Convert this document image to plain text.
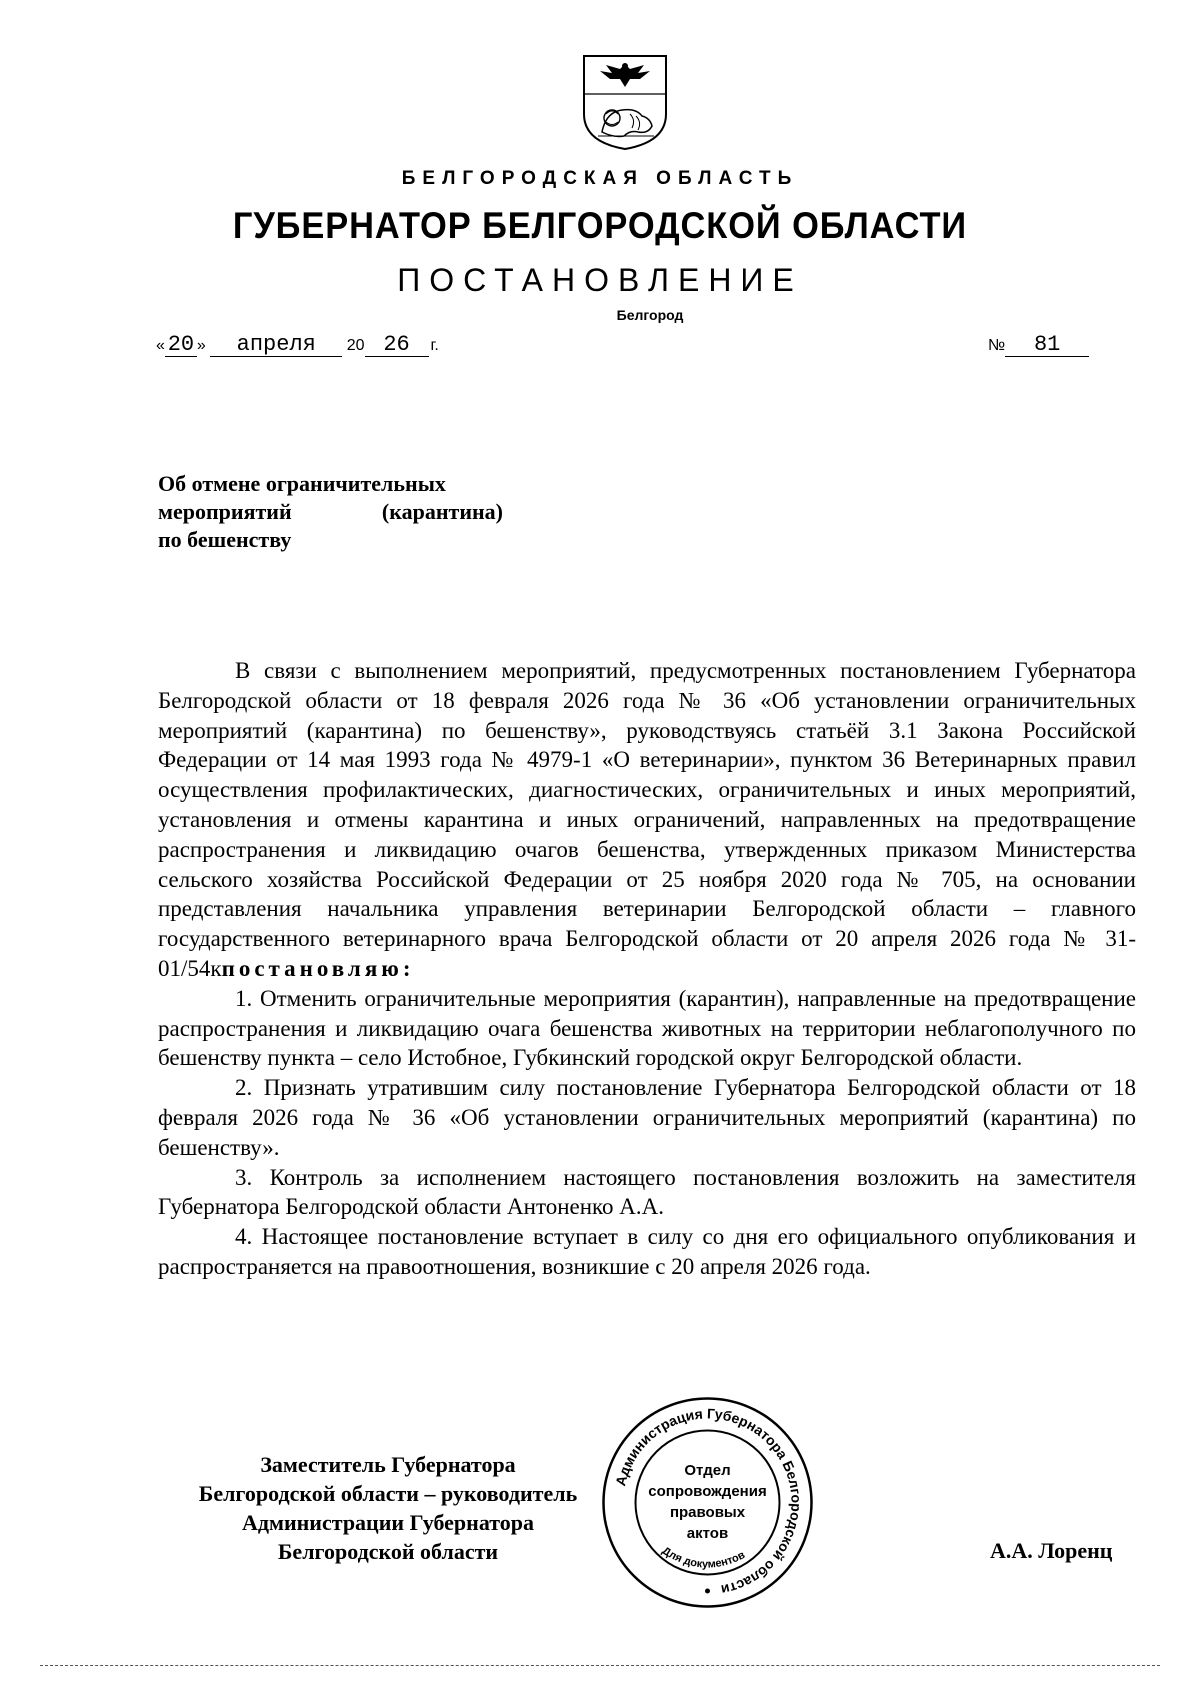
БЕЛГОРОДСКАЯ ОБЛАСТЬ
ГУБЕРНАТОР БЕЛГОРОДСКОЙ ОБЛАСТИ
ПОСТАНОВЛЕНИЕ
Белгород
« 20 » апреля 20 26 г.	№ 81
Об отмене ограничительных
мероприятий (карантина)
по бешенству

В связи с выполнением мероприятий, предусмотренных постановлением Губернатора Белгородской области от 18 февраля 2026 года № 36 «Об установлении ограничительных мероприятий (карантина) по бешенству», руководствуясь статьёй 3.1 Закона Российской Федерации от 14 мая 1993 года № 4979-1 «О ветеринарии», пунктом 36 Ветеринарных правил осуществления профилактических, диагностических, ограничительных и иных мероприятий, установления и отмены карантина и иных ограничений, направленных на предотвращение распространения и ликвидацию очагов бешенства, утвержденных приказом Министерства сельского хозяйства Российской Федерации от 25 ноября 2020 года № 705, на основании представления начальника управления ветеринарии Белгородской области – главного государственного ветеринарного врача Белгородской области от 20 апреля 2026 года № 31-01/54кпостановляю:

1. Отменить ограничительные мероприятия (карантин), направленные на предотвращение распространения и ликвидацию очага бешенства животных на территории неблагополучного по бешенству пункта – село Истобное, Губкинский городской округ Белгородской области.

2. Признать утратившим силу постановление Губернатора Белгородской области от 18 февраля 2026 года № 36 «Об установлении ограничительных мероприятий (карантина) по бешенству».

3. Контроль за исполнением настоящего постановления возложить на заместителя Губернатора Белгородской области Антоненко А.А.

4. Настоящее постановление вступает в силу со дня его официального опубликования и распространяется на правоотношения, возникшие с 20 апреля 2026 года.

Заместитель Губернатора
Белгородской области – руководитель
Администрации Губернатора
Белгородской области	А.А. Лоренц
Администрация Губернатора Белгородской области
Для документов
Отдел
сопровождения
правовых
актов
